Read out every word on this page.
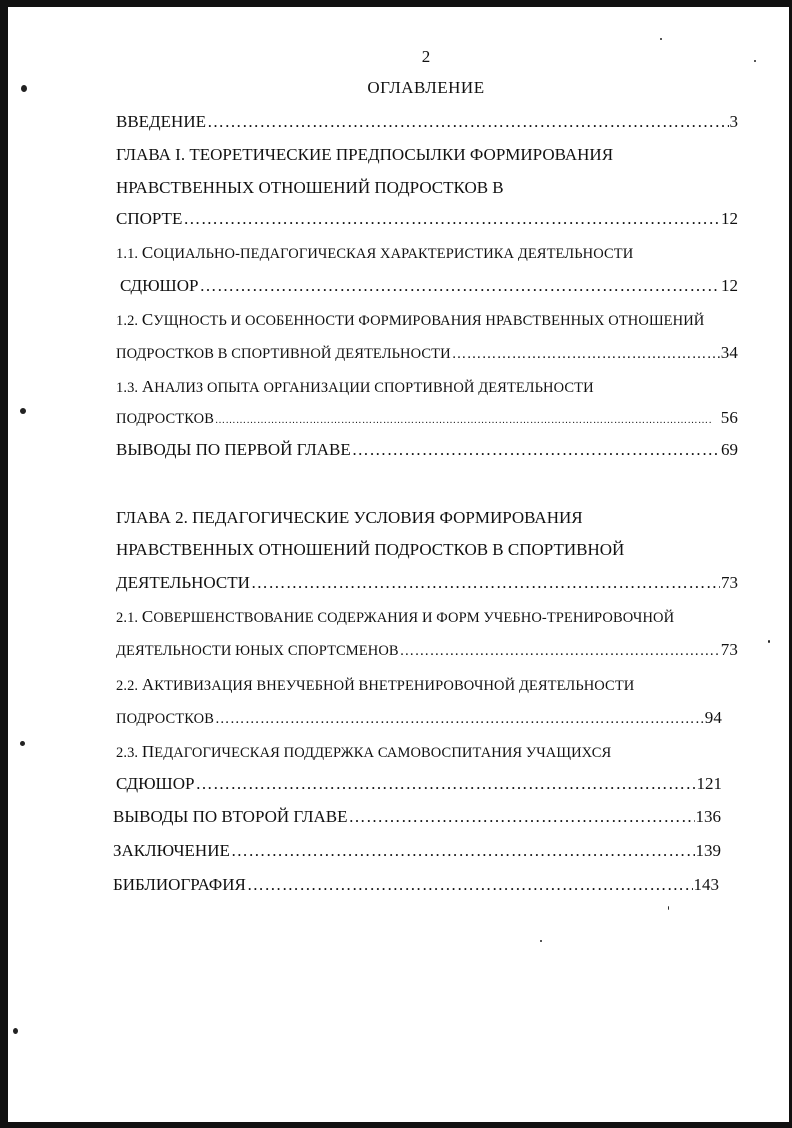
2
ОГЛАВЛЕНИЕ
ВВЕДЕНИЕ ……………………………………………………………………………………………………………………………………………………………………………………………	3
ГЛАВА I. ТЕОРЕТИЧЕСКИЕ ПРЕДПОСЫЛКИ ФОРМИРОВАНИЯ
НРАВСТВЕННЫХ ОТНОШЕНИЙ ПОДРОСТКОВ В
СПОРТЕ ……………………………………………………………………………………………………………………………………………………………………………………………	12
1.1. СОЦИАЛЬНО-ПЕДАГОГИЧЕСКАЯ ХАРАКТЕРИСТИКА ДЕЯТЕЛЬНОСТИ
СДЮШОР ……………………………………………………………………………………………………………………………………………………………………………………………	12
1.2. СУЩНОСТЬ И ОСОБЕННОСТИ ФОРМИРОВАНИЯ НРАВСТВЕННЫХ ОТНОШЕНИЙ
ПОДРОСТКОВ В СПОРТИВНОЙ ДЕЯТЕЛЬНОСТИ ……………………………………………………………………………………………………………………………………………………………………………………………	34
1.3. АНАЛИЗ ОПЫТА ОРГАНИЗАЦИИ СПОРТИВНОЙ ДЕЯТЕЛЬНОСТИ
ПОДРОСТКОВ ……………………………………………………………………………………………………………………………………………………………………………………………	56
ВЫВОДЫ ПО ПЕРВОЙ ГЛАВЕ ……………………………………………………………………………………………………………………………………………………………………………………………	69
ГЛАВА 2. ПЕДАГОГИЧЕСКИЕ УСЛОВИЯ ФОРМИРОВАНИЯ
НРАВСТВЕННЫХ ОТНОШЕНИЙ ПОДРОСТКОВ В СПОРТИВНОЙ
ДЕЯТЕЛЬНОСТИ ……………………………………………………………………………………………………………………………………………………………………………………………	73
2.1. СОВЕРШЕНСТВОВАНИЕ СОДЕРЖАНИЯ И ФОРМ УЧЕБНО-ТРЕНИРОВОЧНОЙ
ДЕЯТЕЛЬНОСТИ ЮНЫХ СПОРТСМЕНОВ ……………………………………………………………………………………………………………………………………………………………………………………………	73
2.2. АКТИВИЗАЦИЯ ВНЕУЧЕБНОЙ ВНЕТРЕНИРОВОЧНОЙ ДЕЯТЕЛЬНОСТИ
ПОДРОСТКОВ ……………………………………………………………………………………………………………………………………………………………………………………………	94
2.3. ПЕДАГОГИЧЕСКАЯ ПОДДЕРЖКА САМОВОСПИТАНИЯ УЧАЩИХСЯ
СДЮШОР ……………………………………………………………………………………………………………………………………………………………………………………………	121
ВЫВОДЫ ПО ВТОРОЙ ГЛАВЕ ……………………………………………………………………………………………………………………………………………………………………………………………	136
ЗАКЛЮЧЕНИЕ ……………………………………………………………………………………………………………………………………………………………………………………………	139
БИБЛИОГРАФИЯ ……………………………………………………………………………………………………………………………………………………………………………………………	143
